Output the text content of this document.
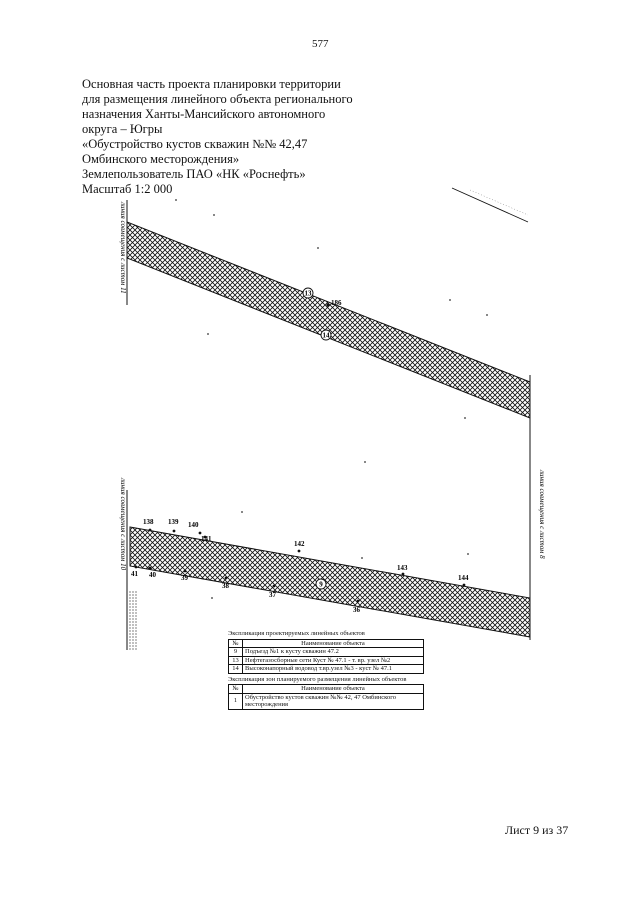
577
Основная часть проекта планировки территории
для размещения линейного объекта регионального
назначения Ханты-Мансийского автономного
округа – Югры
«Обустройство кустов скважин №№ 42,47
Омбинского месторождения»
Землепользователь ПАО «НК «Роснефть»
Масштаб 1:2 000
линия совмещения с листом 11
линия совмещения с листом 10	линия совмещения с листом 8
13
14
186
9
138 139 140
141
142
143
144
41 40	39
38
37
36
Экспликация проектируемых линейных объектов
№	Наименование объекта
9	Подъезд №1 к кусту скважин 47.2
13	Нефтегазосборные сети Куст № 47.1 - т. вр. узел №2
14	Высоконапорный водовод т.вр.узел №3 - куст № 47.1
Экспликация зон планируемого размещения линейных объектов
№	Наименование объекта
1	Обустройство кустов скважин №№ 42, 47 Омбинского месторождения
Лист 9 из 37
